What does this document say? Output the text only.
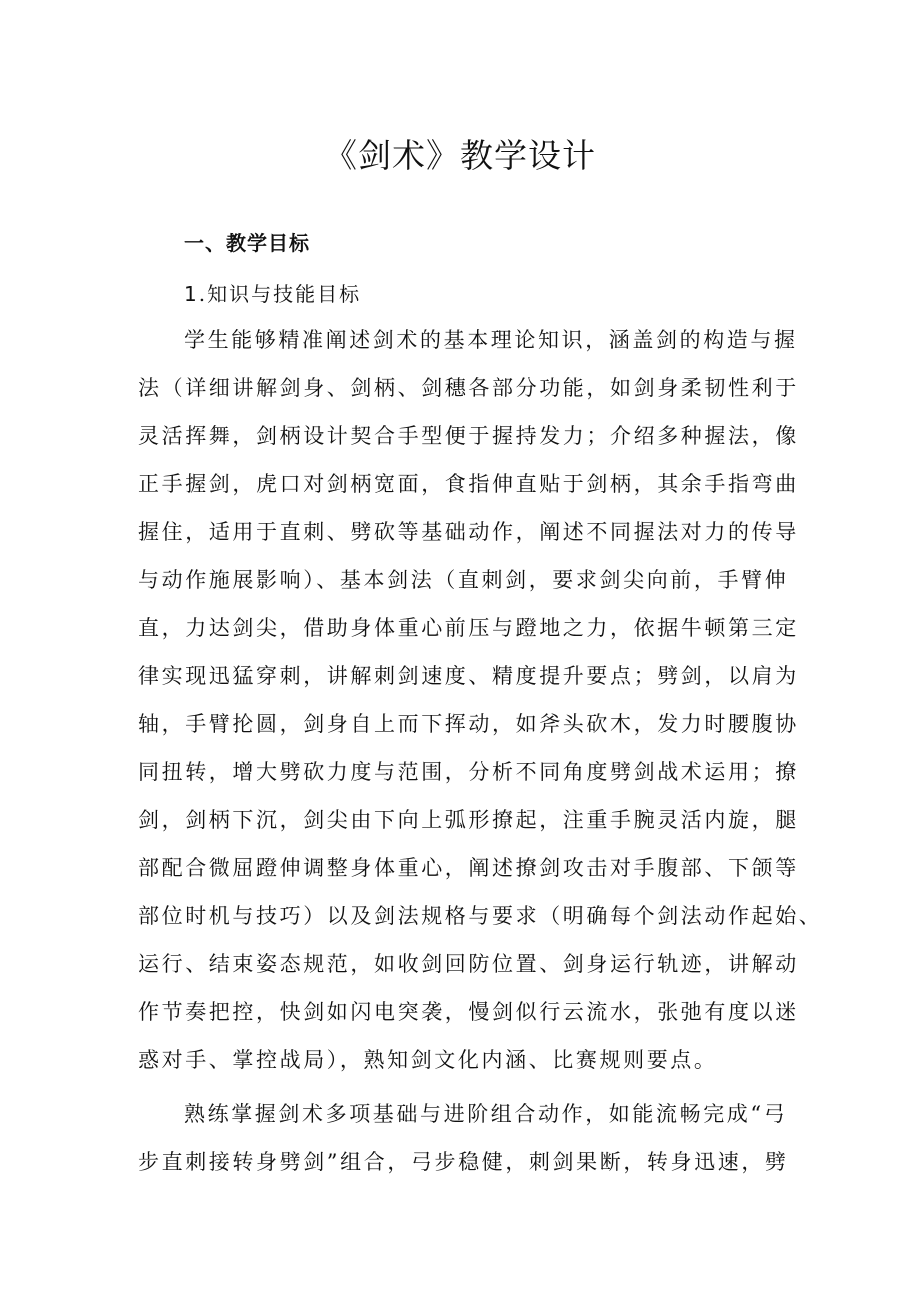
《剑术》教学设计
一、教学目标

1.知识与技能目标

学生能够精准阐述剑术的基本理论知识，涵盖剑的构造与握
法（详细讲解剑身、剑柄、剑穗各部分功能，如剑身柔韧性利于
灵活挥舞，剑柄设计契合手型便于握持发力；介绍多种握法，像
正手握剑，虎口对剑柄宽面，食指伸直贴于剑柄，其余手指弯曲
握住，适用于直刺、劈砍等基础动作，阐述不同握法对力的传导
与动作施展影响）、基本剑法（直刺剑，要求剑尖向前，手臂伸
直，力达剑尖，借助身体重心前压与蹬地之力，依据牛顿第三定
律实现迅猛穿刺，讲解刺剑速度、精度提升要点；劈剑，以肩为
轴，手臂抡圆，剑身自上而下挥动，如斧头砍木，发力时腰腹协
同扭转，增大劈砍力度与范围，分析不同角度劈剑战术运用；撩
剑，剑柄下沉，剑尖由下向上弧形撩起，注重手腕灵活内旋，腿
部配合微屈蹬伸调整身体重心，阐述撩剑攻击对手腹部、下颌等
部位时机与技巧）以及剑法规格与要求（明确每个剑法动作起始、
运行、结束姿态规范，如收剑回防位置、剑身运行轨迹，讲解动
作节奏把控，快剑如闪电突袭，慢剑似行云流水，张弛有度以迷
惑对手、掌控战局），熟知剑文化内涵、比赛规则要点。

熟练掌握剑术多项基础与进阶组合动作，如能流畅完成“弓
步直刺接转身劈剑”组合，弓步稳健，刺剑果断，转身迅速，劈
